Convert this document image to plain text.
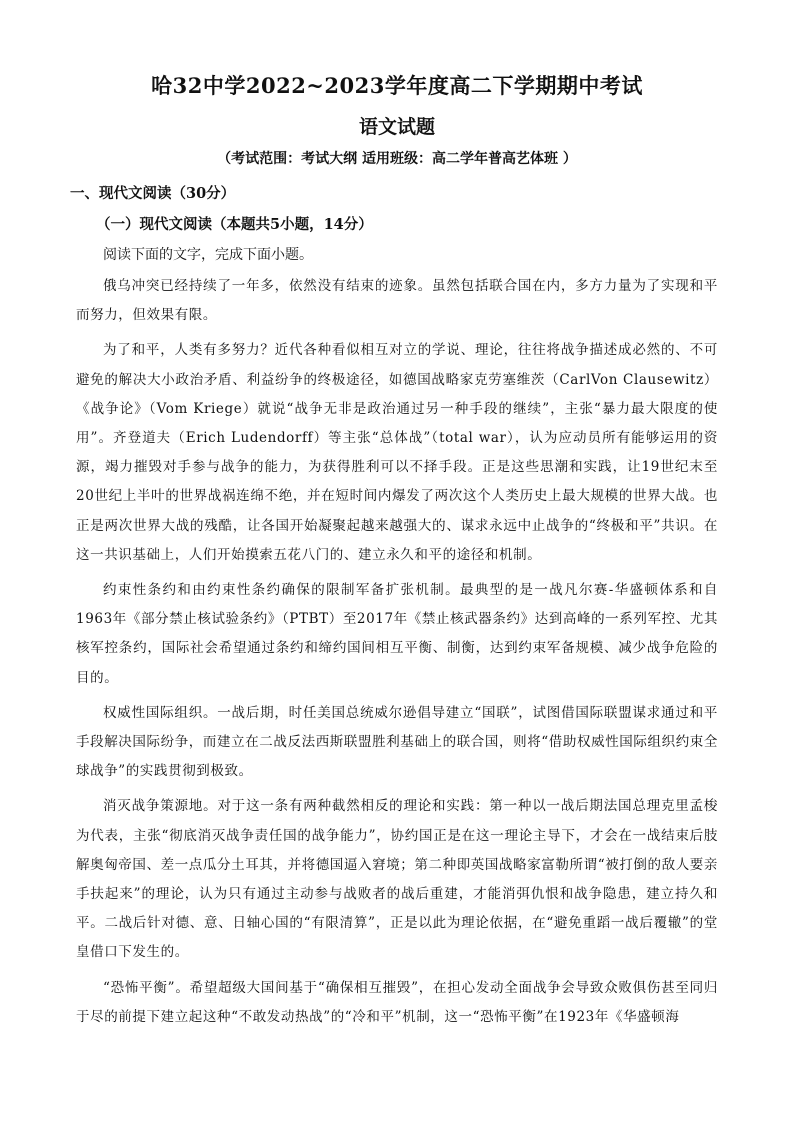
哈32中学2022~2023学年度高二下学期期中考试
语文试题
（考试范围：考试大纲 适用班级：高二学年普高艺体班 ）
一、现代文阅读（30分）
（一）现代文阅读（本题共5小题，14分）
阅读下面的文字，完成下面小题。

俄乌冲突已经持续了一年多，依然没有结束的迹象。虽然包括联合国在内，多方力量为了实现和平而努力，但效果有限。

为了和平，人类有多努力？近代各种看似相互对立的学说、理论，往往将战争描述成必然的、不可避免的解决大小政治矛盾、利益纷争的终极途径，如德国战略家克劳塞维茨（CarlVon Clausewitz）《战争论》（Vom Kriege）就说“战争无非是政治通过另一种手段的继续”，主张“暴力最大限度的使用”。齐登道夫（Erich Ludendorff）等主张“总体战”（total war），认为应动员所有能够运用的资源，竭力摧毁对手参与战争的能力，为获得胜利可以不择手段。正是这些思潮和实践，让19世纪末至20世纪上半叶的世界战祸连绵不绝，并在短时间内爆发了两次这个人类历史上最大规模的世界大战。也正是两次世界大战的残酷，让各国开始凝聚起越来越强大的、谋求永远中止战争的“终极和平”共识。在这一共识基础上，人们开始摸索五花八门的、建立永久和平的途径和机制。

约束性条约和由约束性条约确保的限制军备扩张机制。最典型的是一战凡尔赛-华盛顿体系和自1963年《部分禁止核试验条约》（PTBT）至2017年《禁止核武器条约》达到高峰的一系列军控、尤其核军控条约，国际社会希望通过条约和缔约国间相互平衡、制衡，达到约束军备规模、减少战争危险的目的。

权威性国际组织。一战后期，时任美国总统威尔逊倡导建立“国联”，试图借国际联盟谋求通过和平手段解决国际纷争，而建立在二战反法西斯联盟胜利基础上的联合国，则将“借助权威性国际组织约束全球战争”的实践贯彻到极致。

消灭战争策源地。对于这一条有两种截然相反的理论和实践：第一种以一战后期法国总理克里孟梭为代表，主张“彻底消灭战争责任国的战争能力”，协约国正是在这一理论主导下，才会在一战结束后肢解奥匈帝国、差一点瓜分土耳其，并将德国逼入窘境；第二种即英国战略家富勒所谓“被打倒的敌人要亲手扶起来”的理论，认为只有通过主动参与战败者的战后重建，才能消弭仇恨和战争隐患，建立持久和平。二战后针对德、意、日轴心国的“有限清算”，正是以此为理论依据，在“避免重蹈一战后覆辙”的堂皇借口下发生的。

“恐怖平衡”。希望超级大国间基于“确保相互摧毁”，在担心发动全面战争会导致众败俱伤甚至同归于尽的前提下建立起这种“不敢发动热战”的“冷和平”机制，这一“恐怖平衡”在1923年《华盛顿海
